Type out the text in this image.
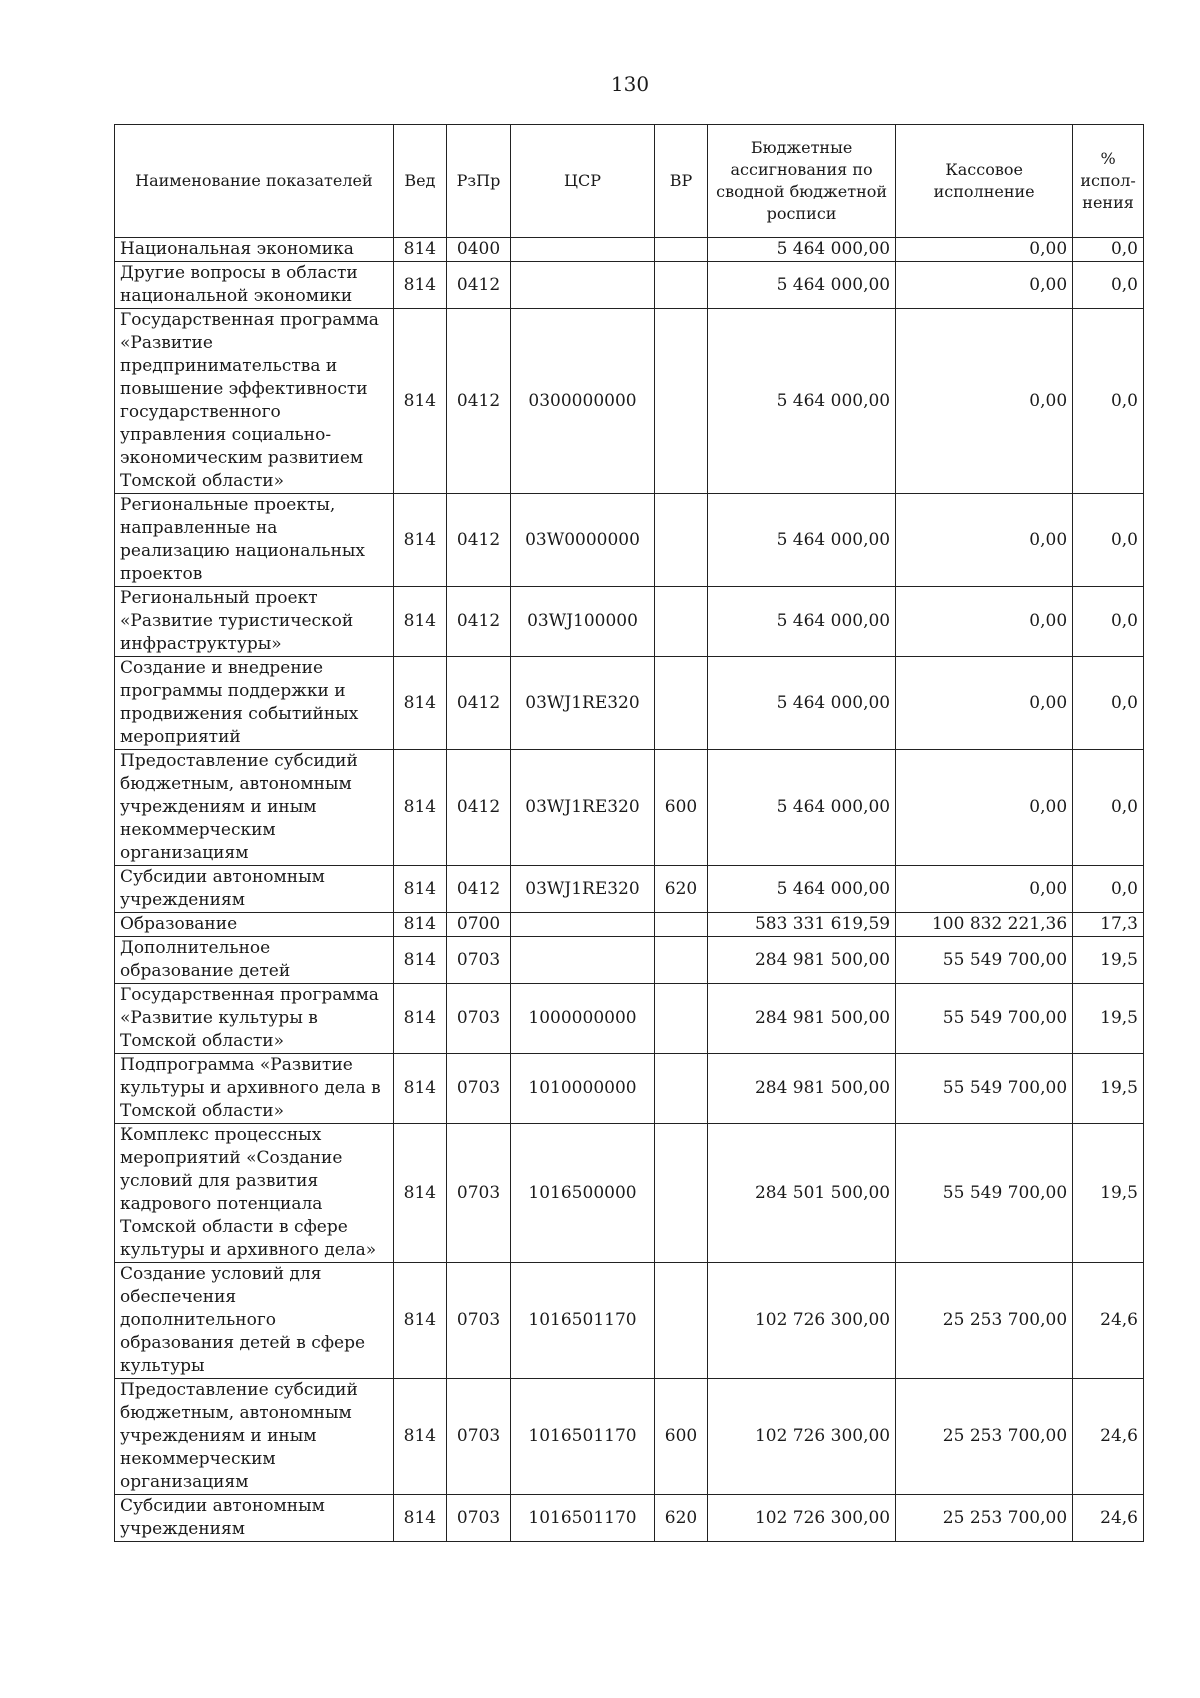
130
Наименование показателей	Вед	РзПр	ЦСР	ВР	Бюджетные ассигнования по сводной бюджетной росписи	Кассовое исполнение	% испол-нения
Национальная экономика	814	0400			5 464 000,00	0,00	0,0
Другие вопросы в области национальной экономики	814	0412			5 464 000,00	0,00	0,0
Государственная программа «Развитие предпринимательства и повышение эффективности государственного управления социально-экономическим развитием Томской области»	814	0412	0300000000		5 464 000,00	0,00	0,0
Региональные проекты, направленные на реализацию национальных проектов	814	0412	03W0000000		5 464 000,00	0,00	0,0
Региональный проект «Развитие туристической инфраструктуры»	814	0412	03WJ100000		5 464 000,00	0,00	0,0
Создание и внедрение программы поддержки и продвижения событийных мероприятий	814	0412	03WJ1RE320		5 464 000,00	0,00	0,0
Предоставление субсидий бюджетным, автономным учреждениям и иным некоммерческим организациям	814	0412	03WJ1RE320	600	5 464 000,00	0,00	0,0
Субсидии автономным учреждениям	814	0412	03WJ1RE320	620	5 464 000,00	0,00	0,0
Образование	814	0700			583 331 619,59	100 832 221,36	17,3
Дополнительное образование детей	814	0703			284 981 500,00	55 549 700,00	19,5
Государственная программа «Развитие культуры в Томской области»	814	0703	1000000000		284 981 500,00	55 549 700,00	19,5
Подпрограмма «Развитие культуры и архивного дела в Томской области»	814	0703	1010000000		284 981 500,00	55 549 700,00	19,5
Комплекс процессных мероприятий «Создание условий для развития кадрового потенциала Томской области в сфере культуры и архивного дела»	814	0703	1016500000		284 501 500,00	55 549 700,00	19,5
Создание условий для обеспечения дополнительного образования детей в сфере культуры	814	0703	1016501170		102 726 300,00	25 253 700,00	24,6
Предоставление субсидий бюджетным, автономным учреждениям и иным некоммерческим организациям	814	0703	1016501170	600	102 726 300,00	25 253 700,00	24,6
Субсидии автономным учреждениям	814	0703	1016501170	620	102 726 300,00	25 253 700,00	24,6
